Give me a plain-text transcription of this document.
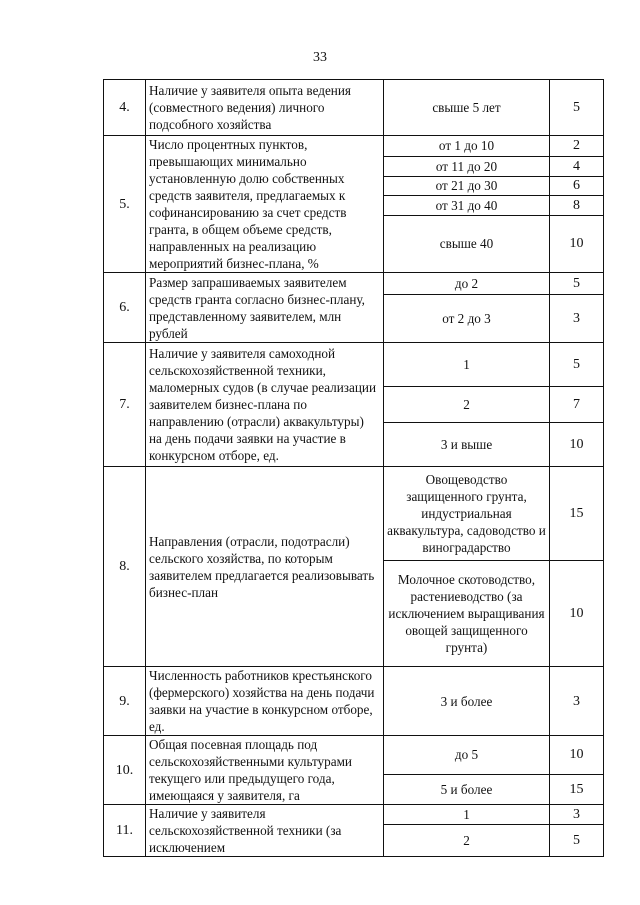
33
4.	Наличие у заявителя опыта ведения (совместного ведения) личного подсобного хозяйства	свыше 5 лет	5
5.	Число процентных пунктов, превышающих минимально установленную долю собственных средств заявителя, предлагаемых к софинансированию за счет средств гранта, в общем объеме средств, направленных на реализацию мероприятий бизнес-плана, %	от 1 до 10	2
		от 11 до 20	4
		от 21 до 30	6
		от 31 до 40	8
		свыше 40	10
6.	Размер запрашиваемых заявителем средств гранта согласно бизнес-плану, представленному заявителем, млн рублей	до 2	5
		от 2 до 3	3
7.	Наличие у заявителя самоходной сельскохозяйственной техники, маломерных судов (в случае реализации заявителем бизнес-плана по направлению (отрасли) аквакультуры) на день подачи заявки на участие в конкурсном отборе, ед.	1	5
		2	7
		3 и выше	10
8.	Направления (отрасли, подотрасли) сельского хозяйства, по которым заявителем предлагается реализовывать бизнес-план	Овощеводство защищенного грунта, индустриальная аквакультура, садоводство и виноградарство	15
		Молочное скотоводство, растениеводство (за исключением выращивания овощей защищенного грунта)	10
9.	Численность работников крестьянского (фермерского) хозяйства на день подачи заявки на участие в конкурсном отборе, ед.	3 и более	3
10.	Общая посевная площадь под сельскохозяйственными культурами текущего или предыдущего года, имеющаяся у заявителя, га	до 5	10
		5 и более	15
11.	Наличие у заявителя сельскохозяйственной техники (за исключением	1	3
		2	5
